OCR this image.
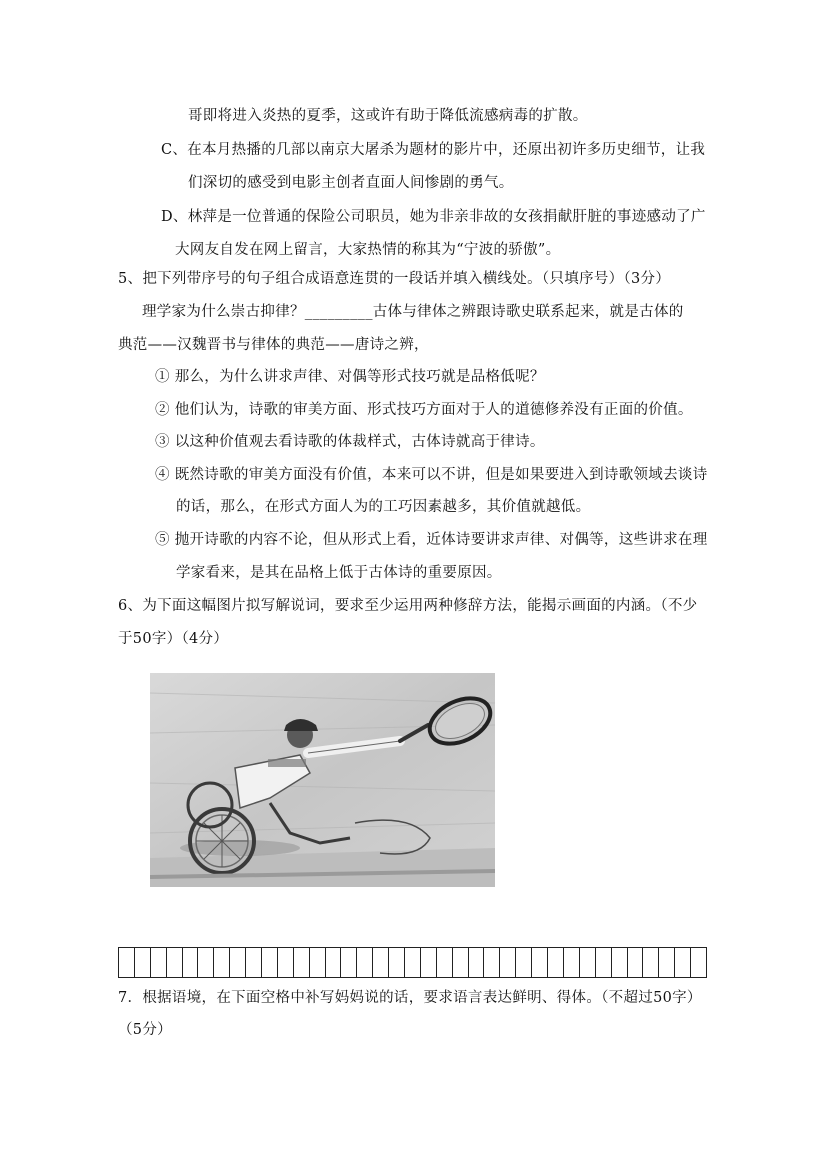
哥即将进入炎热的夏季，这或许有助于降低流感病毒的扩散。
C、在本月热播的几部以南京大屠杀为题材的影片中，还原出初许多历史细节，让我
们深切的感受到电影主创者直面人间惨剧的勇气。
D、林萍是一位普通的保险公司职员，她为非亲非故的女孩捐献肝脏的事迹感动了广
大网友自发在网上留言，大家热情的称其为“宁波的骄傲”。
5、把下列带序号的句子组合成语意连贯的一段话并填入横线处。（只填序号）（3分）
理学家为什么崇古抑律？_________古体与律体之辨跟诗歌史联系起来，就是古体的
典范——汉魏晋书与律体的典范——唐诗之辨，
① 那么，为什么讲求声律、对偶等形式技巧就是品格低呢？
② 他们认为，诗歌的审美方面、形式技巧方面对于人的道德修养没有正面的价值。
③ 以这种价值观去看诗歌的体裁样式，古体诗就高于律诗。
④ 既然诗歌的审美方面没有价值，本来可以不讲，但是如果要进入到诗歌领域去谈诗
的话，那么，在形式方面人为的工巧因素越多，其价值就越低。
⑤ 抛开诗歌的内容不论，但从形式上看，近体诗要讲求声律、对偶等，这些讲求在理
学家看来，是其在品格上低于古体诗的重要原因。
6、为下面这幅图片拟写解说词，要求至少运用两种修辞方法，能揭示画面的内涵。（不少
于50字）（4分）
7．根据语境，在下面空格中补写妈妈说的话，要求语言表达鲜明、得体。（不超过50字）
（5分）
